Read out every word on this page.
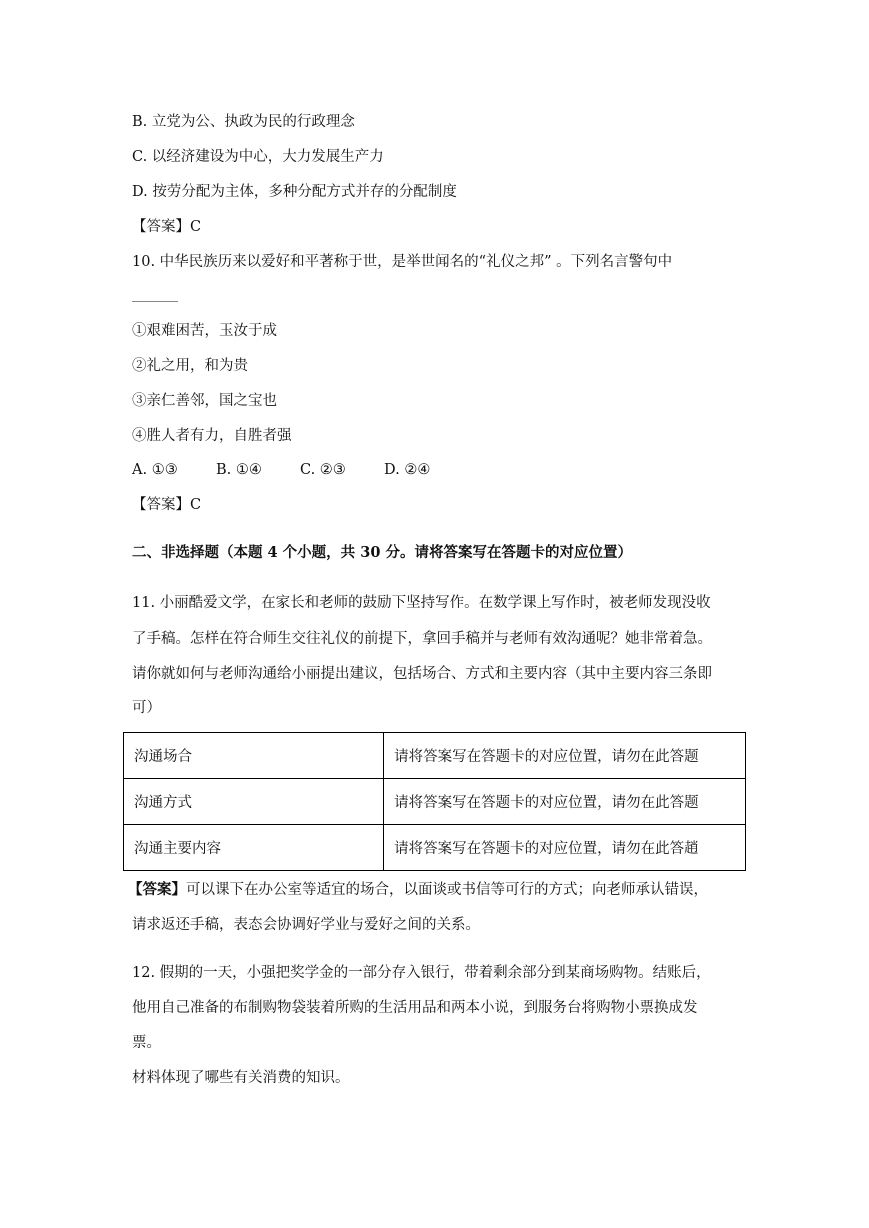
B. 立党为公、执政为民的行政理念
C. 以经济建设为中心，大力发展生产力
D. 按劳分配为主体，多种分配方式并存的分配制度
【答案】C
10. 中华民族历来以爱好和平著称于世，是举世闻名的“礼仪之邦” 。下列名言警句中
①艰难困苦，玉汝于成
②礼之用，和为贵
③亲仁善邻，国之宝也
④胜人者有力，自胜者强
A. ①③	B. ①④	C. ②③	D. ②④
【答案】C
二、非选择题（本题 4 个小题，共 30 分。请将答案写在答题卡的对应位置）
11. 小丽酷爱文学，在家长和老师的鼓励下坚持写作。在数学课上写作时，被老师发现没收
了手稿。怎样在符合师生交往礼仪的前提下，拿回手稿并与老师有效沟通呢？她非常着急。
请你就如何与老师沟通给小丽提出建议，包括场合、方式和主要内容（其中主要内容三条即
可）
沟通场合	请将答案写在答题卡的对应位置，请勿在此答题
沟通方式	请将答案写在答题卡的对应位置，请勿在此答题
沟通主要内容	请将答案写在答题卡的对应位置，请勿在此答趙
【答案】可以课下在办公室等适宜的场合，以面谈或书信等可行的方式；向老师承认错误，
请求返还手稿，表态会协调好学业与爱好之间的关系。
12. 假期的一天，小强把奖学金的一部分存入银行，带着剩余部分到某商场购物。结账后，
他用自己准备的布制购物袋装着所购的生活用品和两本小说，到服务台将购物小票换成发
票。
材料体现了哪些有关消费的知识。
